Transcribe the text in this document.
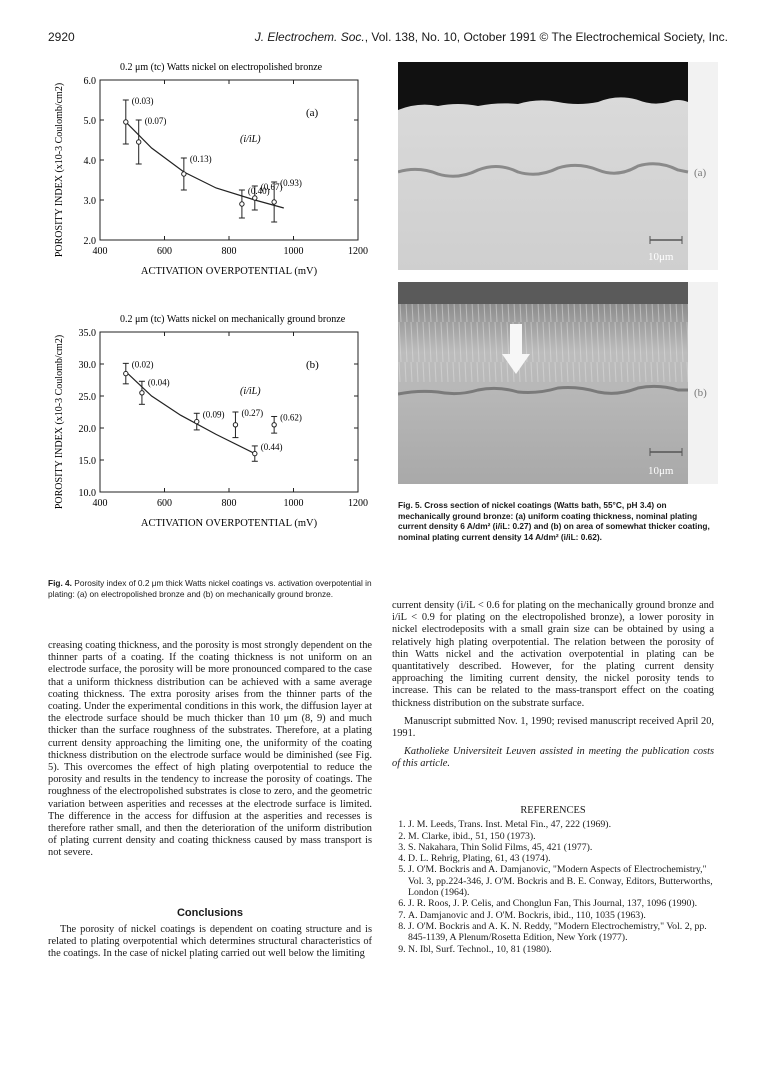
2920	J. Electrochem. Soc., Vol. 138, No. 10, October 1991 © The Electrochemical Society, Inc.
0.2 μm (tc) Watts nickel on electropolished bronze
400	600	800	1000	1200
2.0
3.0
4.0
5.0
6.0
ACTIVATION OVERPOTENTIAL (mV)
POROSITY INDEX (x10-3 Coulomb/cm2)	(a)
(i/iL)
(0.03)
(0.07)
(0.13)
(0.67)
(0.40)
(0.93)
0.2 μm (tc) Watts nickel on mechanically ground bronze
400	600	800	1000	1200
10.0
15.0
20.0
25.0
30.0
35.0
ACTIVATION OVERPOTENTIAL (mV)
POROSITY INDEX (x10-3 Coulomb/cm2)	(b)
(i/iL)
(0.02)
(0.04)
(0.09) (0.27) (0.62)
(0.44)
Fig. 4. Porosity index of 0.2 μm thick Watts nickel coatings vs. activation overpotential in plating: (a) on electropolished bronze and (b) on mechanically ground bronze.
10μm
(a)
10μm
(b)
Fig. 5. Cross section of nickel coatings (Watts bath, 55°C, pH 3.4) on mechanically ground bronze: (a) uniform coating thickness, nominal plating current density 6 A/dm² (i/iL: 0.27) and (b) on area of somewhat thicker coating, nominal plating current density 14 A/dm² (i/iL: 0.62).

creasing coating thickness, and the porosity is most strongly dependent on the thinner parts of a coating. If the coating thickness is not uniform on an electrode surface, the porosity will be more pronounced compared to the case that a uniform thickness distribution can be achieved with a same average coating thickness. The extra porosity arises from the thinner parts of the coating. Under the experimental conditions in this work, the diffusion layer at the electrode surface should be much thicker than 10 μm (8, 9) and much thicker than the surface roughness of the substrates. Therefore, at a plating current density approaching the limiting one, the uniformity of the coating thickness distribution on the electrode surface would be diminished (see Fig. 5). This overcomes the effect of high plating overpotential to reduce the porosity and results in the tendency to increase the porosity of coatings. The roughness of the electropolished substrates is close to zero, and the geometric variation between asperities and recesses at the electrode surface is limited. The difference in the access for diffusion at the asperities and recesses is therefore rather small, and then the deterioration of the uniform distribution of plating current density and coating thickness caused by mass transport is not severe.

Conclusions

The porosity of nickel coatings is dependent on coating structure and is related to plating overpotential which determines structural characteristics of the coatings. In the case of nickel plating carried out well below the limiting

current density (i/iL < 0.6 for plating on the mechanically ground bronze and i/iL < 0.9 for plating on the electropolished bronze), a lower porosity in nickel electrodeposits with a small grain size can be obtained by using a relatively high plating overpotential. The relation between the porosity of thin Watts nickel and the activation overpotential in plating can be quantitatively described. However, for the plating current density approaching the limiting current density, the nickel porosity tends to increase. This can be related to the mass-transport effect on the coating thickness distribution on the substrate surface.

Manuscript submitted Nov. 1, 1990; revised manuscript received April 20, 1991.

Katholieke Universiteit Leuven assisted in meeting the publication costs of this article.

REFERENCES
1. J. M. Leeds, Trans. Inst. Metal Fin., 47, 222 (1969).
2. M. Clarke, ibid., 51, 150 (1973).
3. S. Nakahara, Thin Solid Films, 45, 421 (1977).
4. D. L. Rehrig, Plating, 61, 43 (1974).
5. J. O'M. Bockris and A. Damjanovic, "Modern Aspects of Electrochemistry," Vol. 3, pp.224-346, J. O'M. Bockris and B. E. Conway, Editors, Butterworths, London (1964).
6. J. R. Roos, J. P. Celis, and Chonglun Fan, This Journal, 137, 1096 (1990).
7. A. Damjanovic and J. O'M. Bockris, ibid., 110, 1035 (1963).
8. J. O'M. Bockris and A. K. N. Reddy, "Modern Electrochemistry," Vol. 2, pp. 845-1139, A Plenum/Rosetta Edition, New York (1977).
9. N. Ibl, Surf. Technol., 10, 81 (1980).
